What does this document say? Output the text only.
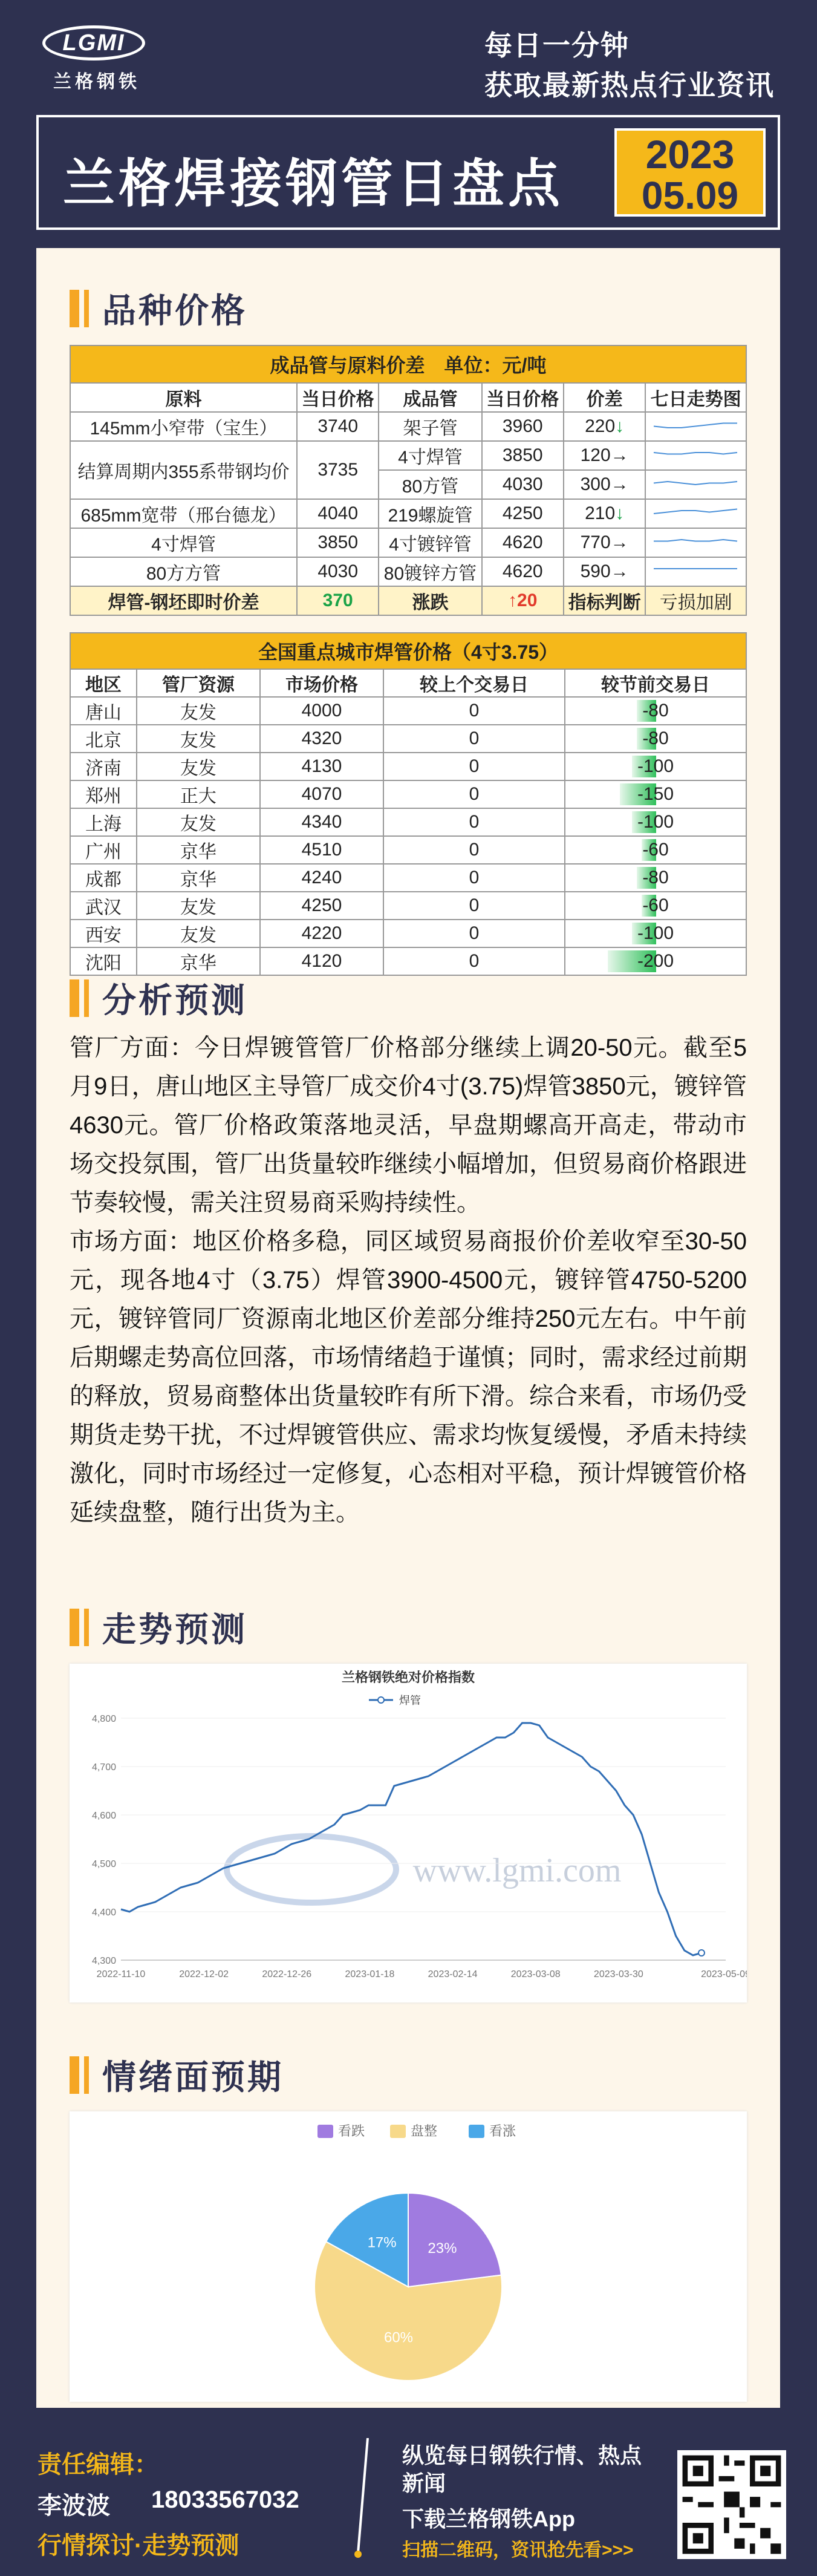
LGMI
兰格钢铁
每日一分钟
获取最新热点行业资讯
兰格焊接钢管日盘点
2023
05.09
品种价格
成品管与原料价差　单位：元/吨					
原料	当日价格	成品管	当日价格	价差	七日走势图
145mm小窄带（宝生）	3740	架子管	3960	220↓	

结算周期内355系带钢均价	3735	4寸焊管	3850	120→	

		80方管	4030	300→	

685mm宽带（邢台德龙）	4040	219螺旋管	4250	210↓	

4寸焊管	3850	4寸镀锌管	4620	770→	

80方方管	4030	80镀锌方管	4620	590→	

焊管-钢坯即时价差	370	涨跌	↑20	指标判断	亏损加剧
全国重点城市焊管价格（4寸3.75）				
地区	管厂资源	市场价格	较上个交易日	较节前交易日
唐山	友发	4000	0	-80
北京	友发	4320	0	-80
济南	友发	4130	0	-100
郑州	正大	4070	0	-150
上海	友发	4340	0	-100
广州	京华	4510	0	-60
成都	京华	4240	0	-80
武汉	友发	4250	0	-60
西安	友发	4220	0	-100
沈阳	京华	4120	0	-200
分析预测

管厂方面：今日焊镀管管厂价格部分继续上调20-50元。截至5月9日，唐山地区主导管厂成交价4寸(3.75)焊管3850元，镀锌管4630元。管厂价格政策落地灵活，早盘期螺高开高走，带动市场交投氛围，管厂出货量较昨继续小幅增加，但贸易商价格跟进节奏较慢，需关注贸易商采购持续性。

市场方面：地区价格多稳，同区域贸易商报价价差收窄至30-50元，现各地4寸（3.75）焊管3900-4500元，镀锌管4750-5200元，镀锌管同厂资源南北地区价差部分维持250元左右。中午前后期螺走势高位回落，市场情绪趋于谨慎；同时，需求经过前期的释放，贸易商整体出货量较昨有所下滑。综合来看，市场仍受期货走势干扰，不过焊镀管供应、需求均恢复缓慢，矛盾未持续激化，同时市场经过一定修复，心态相对平稳，预计焊镀管价格延续盘整，随行出货为主。

走势预测
兰格钢铁绝对价格指数
焊管
www.lgmi.com
4,300
4,400
4,500
4,600
4,700
4,800
2022-11-10	2022-12-02	2022-12-26	2023-01-18	2023-02-14	2023-03-08	2023-03-30	2023-05-09
情绪面预期
看跌	盘整	看涨
23%
60%
17%
责任编辑：
李波波 18033567032
行情探讨·走势预测
纵览每日钢铁行情、热点新闻
下载兰格钢铁App
扫描二维码，资讯抢先看>>>
